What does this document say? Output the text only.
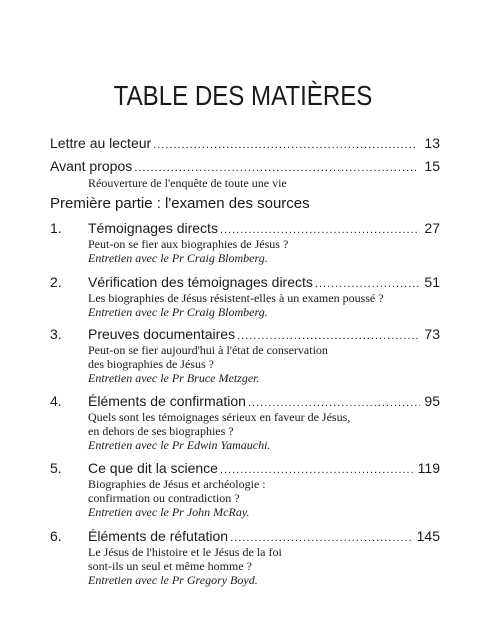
TABLE DES MATIÈRES
Lettre au lecteur .....	13
Avant propos .....	15
Réouverture de l'enquête de toute une vie
Première partie : l'examen des sources
1.	Témoignages directs .....	27
Peut-on se fier aux biographies de Jésus ?
Entretien avec le Pr Craig Blomberg.
2.	Vérification des témoignages directs .....	51
Les biographies de Jésus résistent-elles à un examen poussé ?
Entretien avec le Pr Craig Blomberg.
3.	Preuves documentaires .....	73
Peut-on se fier aujourd'hui à l'état de conservation
des biographies de Jésus ?
Entretien avec le Pr Bruce Metzger.
4.	Éléments de confirmation .....	95
Quels sont les témoignages sérieux en faveur de Jésus,
en dehors de ses biographies ?
Entretien avec le Pr Edwin Yamauchi.
5.	Ce que dit la science .....	119
Biographies de Jésus et archéologie :
confirmation ou contradiction ?
Entretien avec le Pr John McRay.
6.	Éléments de réfutation .....	145
Le Jésus de l'histoire et le Jésus de la foi
sont-ils un seul et même homme ?
Entretien avec le Pr Gregory Boyd.
